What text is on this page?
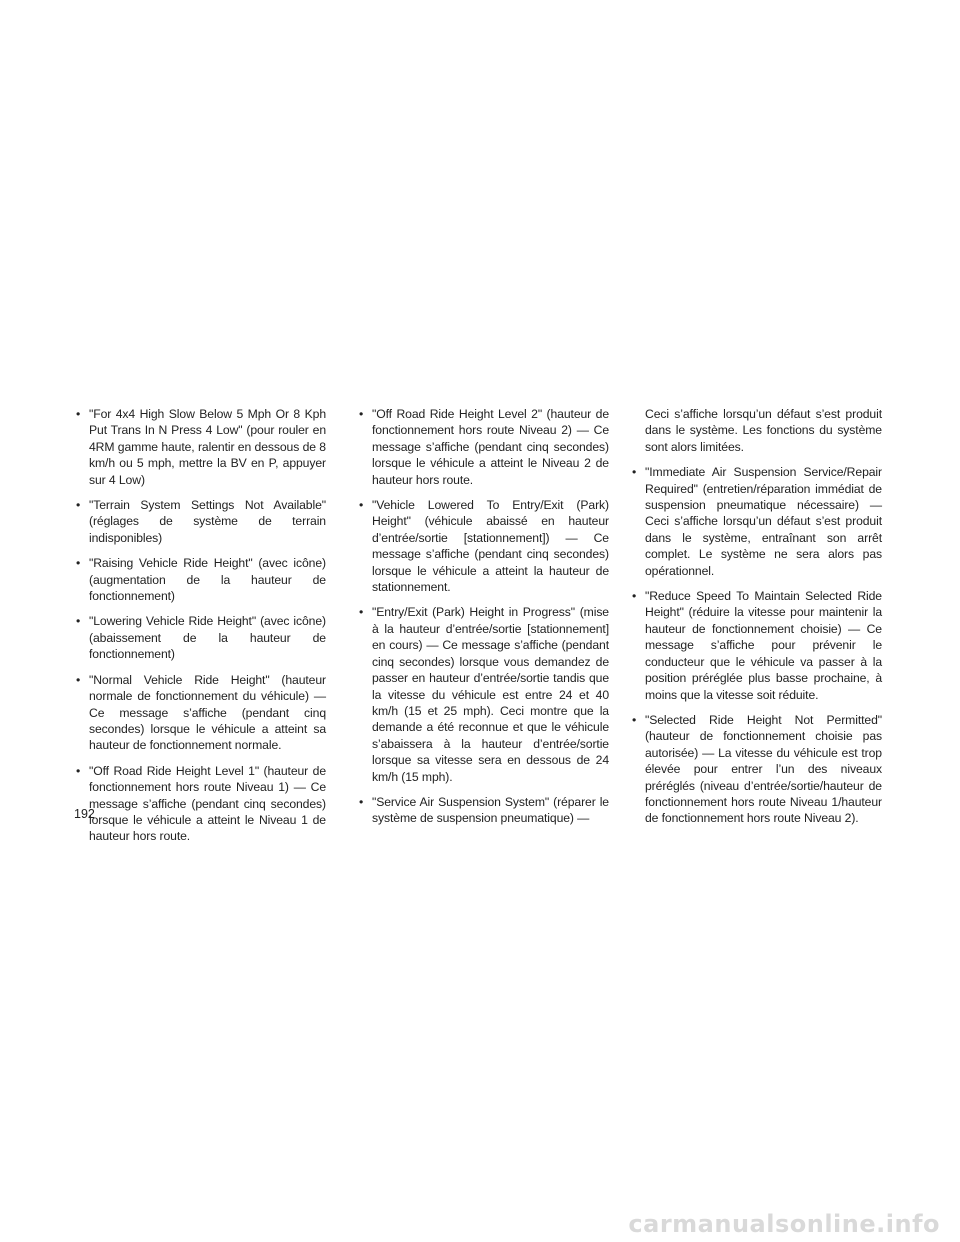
• "For 4x4 High Slow Below 5 Mph Or 8 Kph Put Trans In N Press 4 Low" (pour rouler en 4RM gamme haute, ralentir en dessous de 8 km/h ou 5 mph, mettre la BV en P, appuyer sur 4 Low)
• "Terrain System Settings Not Available" (réglages de système de terrain indisponibles)
• "Raising Vehicle Ride Height" (avec icône) (augmentation de la hauteur de fonctionnement)
• "Lowering Vehicle Ride Height" (avec icône) (abaissement de la hauteur de fonctionnement)
• "Normal Vehicle Ride Height" (hauteur normale de fonctionnement du véhicule) — Ce message s’affiche (pendant cinq secondes) lorsque le véhicule a atteint sa hauteur de fonctionnement normale.
• "Off Road Ride Height Level 1" (hauteur de fonctionnement hors route Niveau 1) — Ce message s’affiche (pendant cinq secondes) lorsque le véhicule a atteint le Niveau 1 de hauteur hors route.
• "Off Road Ride Height Level 2" (hauteur de fonctionnement hors route Niveau 2) — Ce message s’affiche (pendant cinq secondes) lorsque le véhicule a atteint le Niveau 2 de hauteur hors route.
• "Vehicle Lowered To Entry/Exit (Park) Height" (véhicule abaissé en hauteur d’entrée/sortie [stationnement]) — Ce message s’affiche (pendant cinq secondes) lorsque le véhicule a atteint la hauteur de stationnement.
• "Entry/Exit (Park) Height in Progress" (mise à la hauteur d’entrée/sortie [stationnement] en cours) — Ce message s’affiche (pendant cinq secondes) lorsque vous demandez de passer en hauteur d’entrée/sortie tandis que la vitesse du véhicule est entre 24 et 40 km/h (15 et 25 mph). Ceci montre que la demande a été reconnue et que le véhicule s’abaissera à la hauteur d’entrée/sortie lorsque sa vitesse sera en dessous de 24 km/h (15 mph).
• "Service Air Suspension System" (réparer le système de suspension pneumatique) —

Ceci s’affiche lorsqu’un défaut s’est produit dans le système. Les fonctions du système sont alors limitées.

• "Immediate Air Suspension Service/Repair Required" (entretien/réparation immédiat de suspension pneumatique nécessaire) — Ceci s’affiche lorsqu’un défaut s’est produit dans le système, entraînant son arrêt complet. Le système ne sera alors pas opérationnel.
• "Reduce Speed To Maintain Selected Ride Height" (réduire la vitesse pour maintenir la hauteur de fonctionnement choisie) — Ce message s’affiche pour prévenir le conducteur que le véhicule va passer à la position préréglée plus basse prochaine, à moins que la vitesse soit réduite.
• "Selected Ride Height Not Permitted" (hauteur de fonctionnement choisie pas autorisée) — La vitesse du véhicule est trop élevée pour entrer l’un des niveaux préréglés (niveau d’entrée/sortie/hauteur de fonctionnement hors route Niveau 1/hauteur de fonctionnement hors route Niveau 2).
192
carmanualsonline.info
